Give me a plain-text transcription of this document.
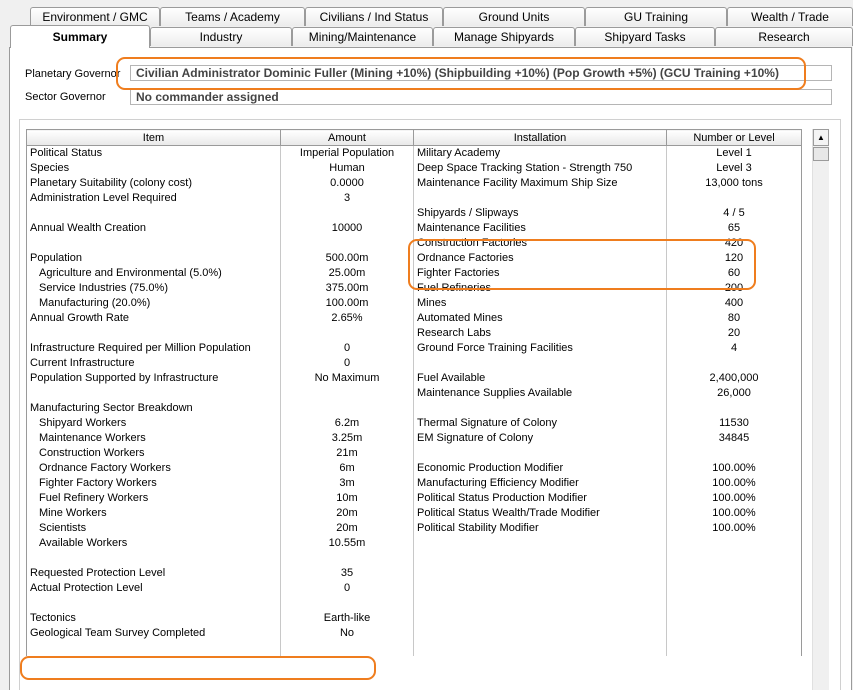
Environment / GMC	Teams / Academy	Civilians / Ind Status	Ground Units	GU Training	Wealth / Trade
Summary	Industry	Mining/Maintenance	Manage Shipyards	Shipyard Tasks	Research
Planetary Governor	Civilian Administrator Dominic Fuller (Mining +10%) (Shipbuilding +10%) (Pop Growth +5%) (GCU Training +10%)
Sector Governor	No commander assigned
Item	Amount	Installation	Number or Level
Political Status	Imperial Population	Military Academy	Level 1
Species	Human	Deep Space Tracking Station - Strength 750	Level 3
Planetary Suitability (colony cost)	0.0000	Maintenance Facility Maximum Ship Size	13,000 tons
Administration Level Required	3		
		Shipyards / Slipways	4 / 5
Annual Wealth Creation	10000	Maintenance Facilities	65
		Construction Factories	420
Population	500.00m	Ordnance Factories	120
Agriculture and Environmental (5.0%)	25.00m	Fighter Factories	60
Service Industries (75.0%)	375.00m	Fuel Refineries	200
Manufacturing (20.0%)	100.00m	Mines	400
Annual Growth Rate	2.65%	Automated Mines	80
		Research Labs	20
Infrastructure Required per Million Population	0	Ground Force Training Facilities	4
Current Infrastructure	0		
Population Supported by Infrastructure	No Maximum	Fuel Available	2,400,000
		Maintenance Supplies Available	26,000
Manufacturing Sector Breakdown			
Shipyard Workers	6.2m	Thermal Signature of Colony	11530
Maintenance Workers	3.25m	EM Signature of Colony	34845
Construction Workers	21m		
Ordnance Factory Workers	6m	Economic Production Modifier	100.00%
Fighter Factory Workers	3m	Manufacturing Efficiency Modifier	100.00%
Fuel Refinery Workers	10m	Political Status Production Modifier	100.00%
Mine Workers	20m	Political Status Wealth/Trade Modifier	100.00%
Scientists	20m	Political Stability Modifier	100.00%
Available Workers	10.55m		

Requested Protection Level	35		
Actual Protection Level	0		

Tectonics	Earth-like		
Geological Team Survey Completed	No		

▲
